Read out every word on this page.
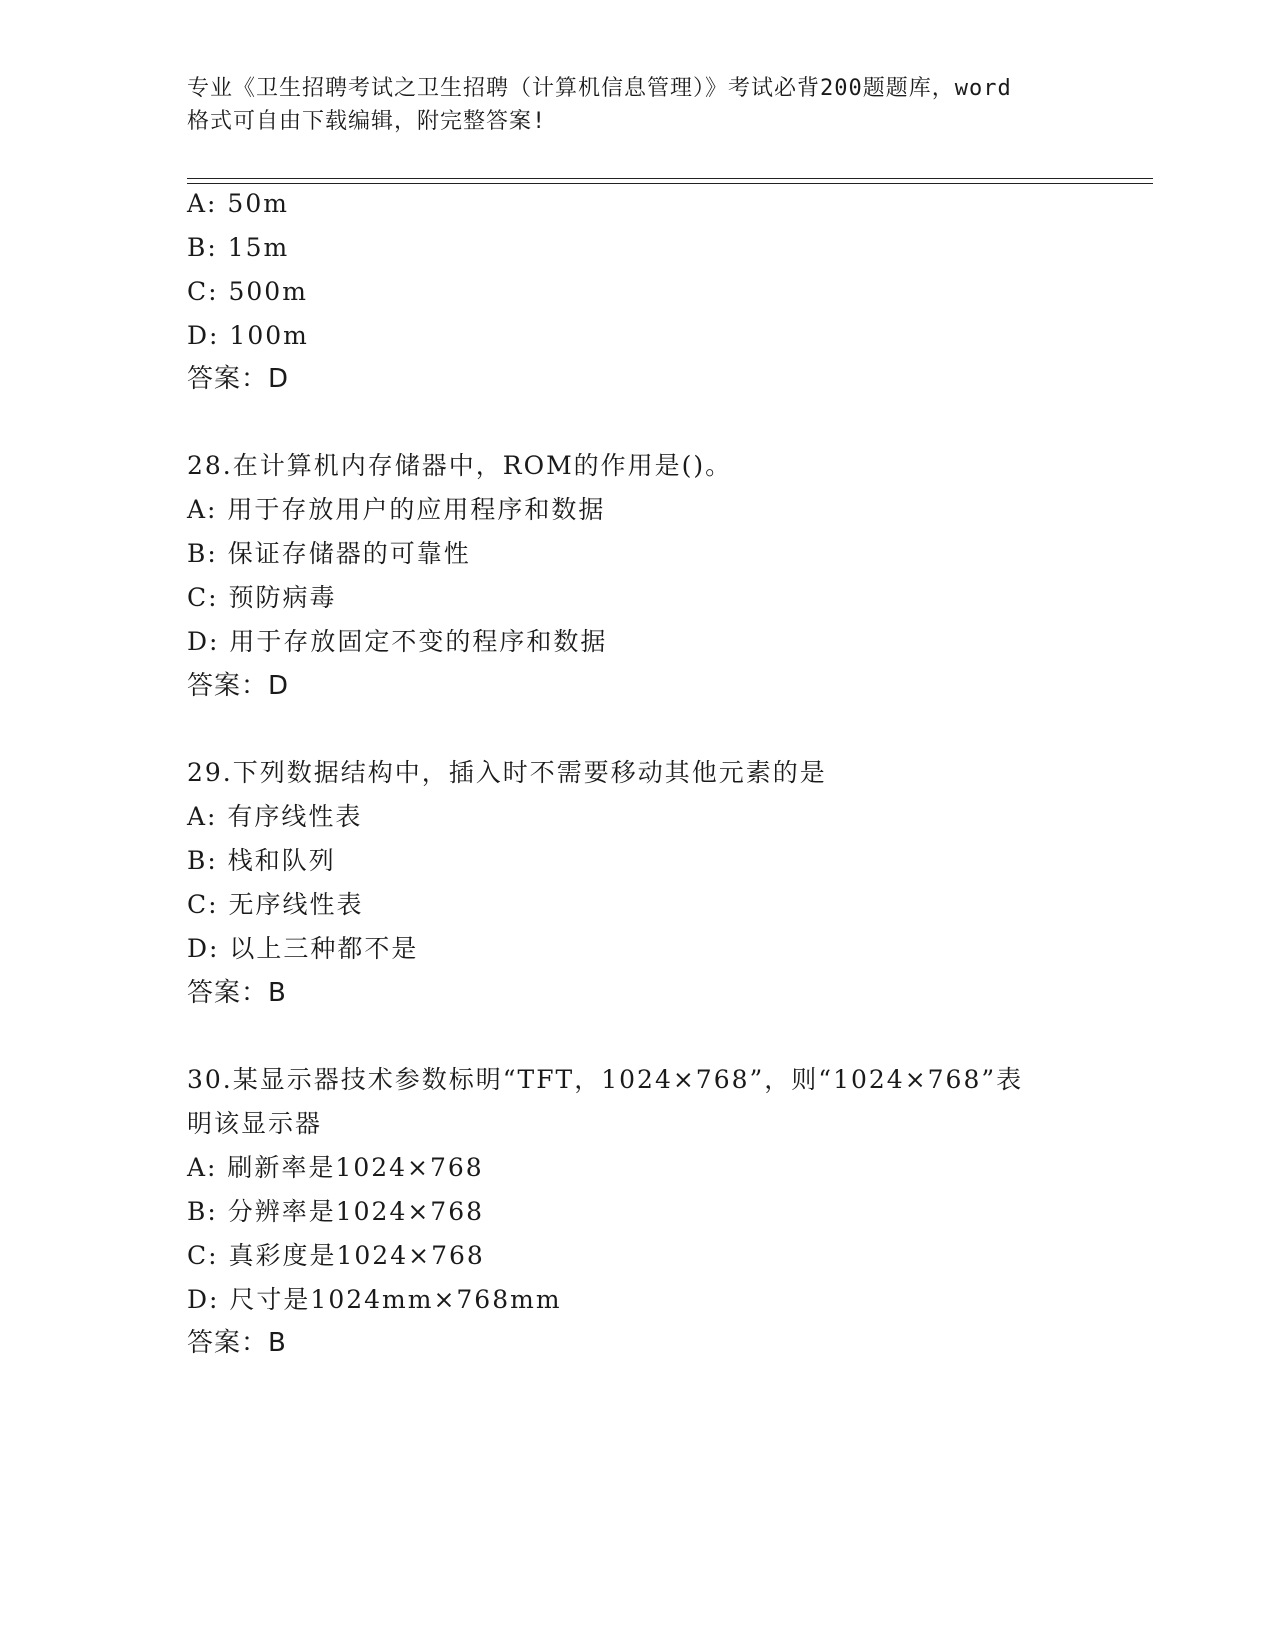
专业《卫生招聘考试之卫生招聘（计算机信息管理）》考试必背200题题库，word
格式可自由下载编辑，附完整答案!
A: 50m
B: 15m
C: 500m
D: 100m
答案：D
28.在计算机内存储器中，ROM的作用是()。
A: 用于存放用户的应用程序和数据
B: 保证存储器的可靠性
C: 预防病毒
D: 用于存放固定不变的程序和数据
答案：D
29.下列数据结构中，插入时不需要移动其他元素的是
A: 有序线性表
B: 栈和队列
C: 无序线性表
D: 以上三种都不是
答案：B
30.某显示器技术参数标明“TFT，1024×768”，则“1024×768”表
明该显示器
A: 刷新率是1024×768
B: 分辨率是1024×768
C: 真彩度是1024×768
D: 尺寸是1024mm×768mm
答案：B
